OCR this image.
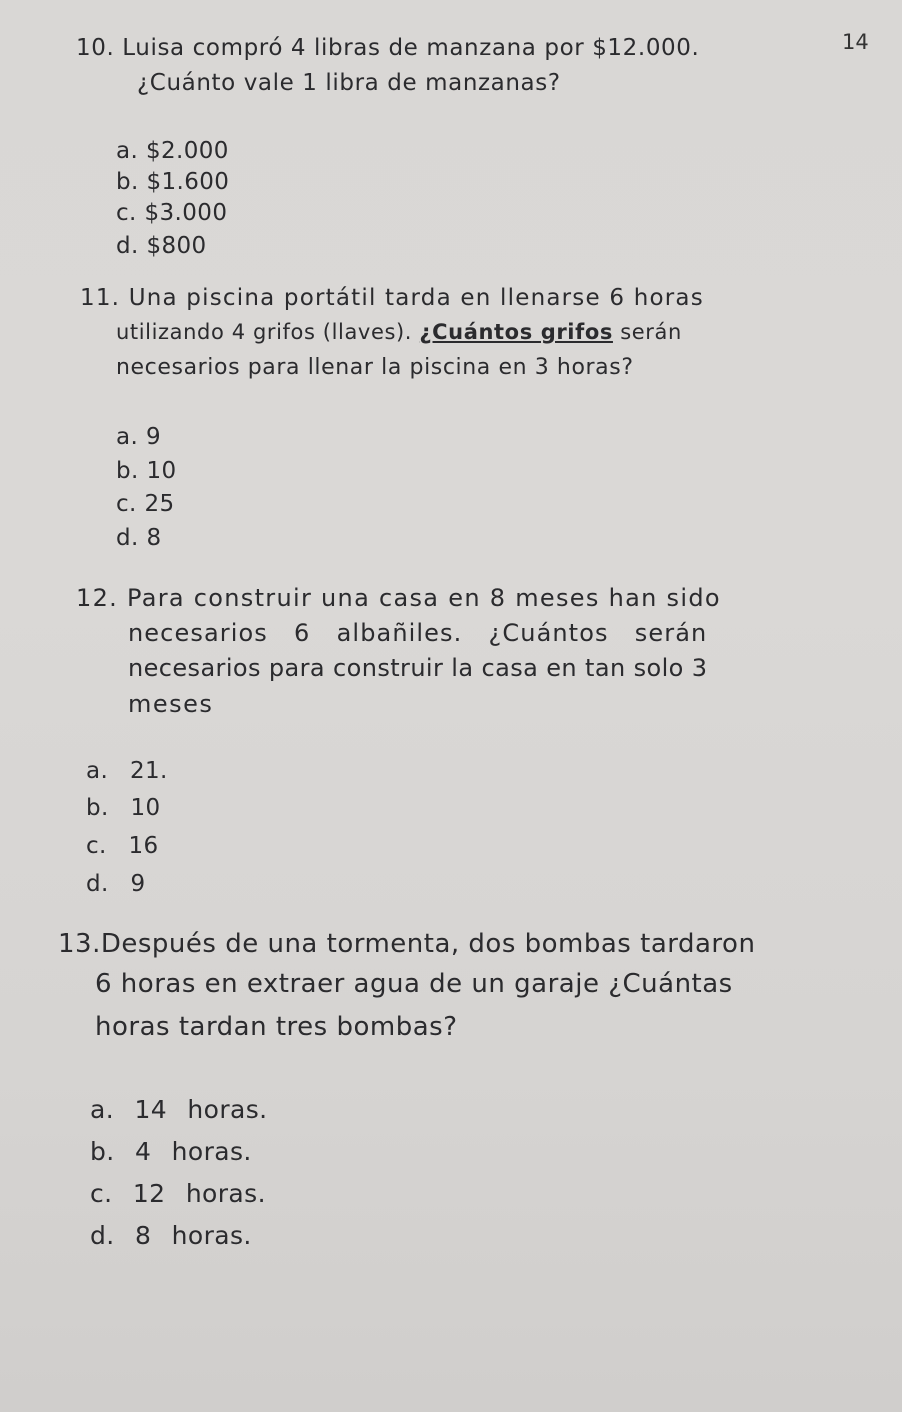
14
10. Luisa compró 4 libras de manzana por $12.000.
¿Cuánto vale 1 libra de manzanas?
a. $2.000
b. $1.600
c. $3.000
d. $800
11. Una piscina portátil tarda en llenarse 6 horas
utilizando 4 grifos (llaves). ¿Cuántos grifos serán
necesarios para llenar la piscina en 3 horas?
a. 9
b. 10
c. 25
d. 8
12. Para construir una casa en 8 meses han sido
necesarios   6   albañiles.   ¿Cuántos   serán
necesarios para construir la casa en tan solo 3
meses
a. 21.
b. 10
c. 16
d. 9
13.Después de una tormenta, dos bombas tardaron
6 horas en extraer agua de un garaje ¿Cuántas
horas tardan tres bombas?
a. 14 horas.
b. 4 horas.
c. 12 horas.
d. 8 horas.
